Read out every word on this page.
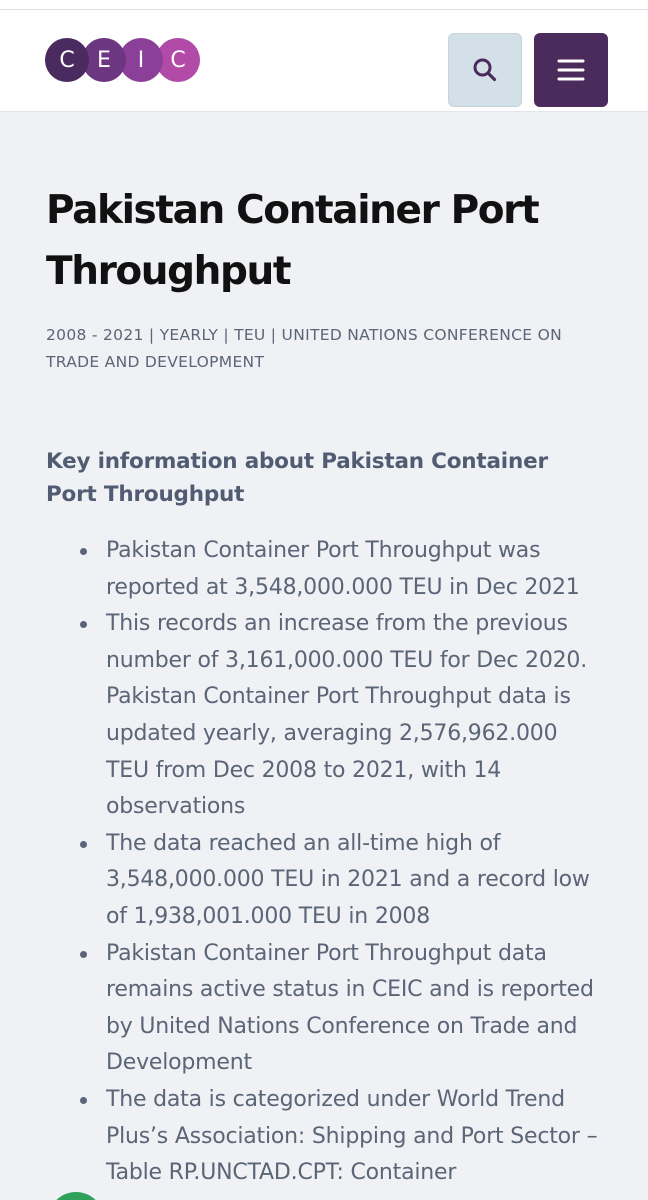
C	E	I	C
Pakistan Container Port Throughput
2008 - 2021 | YEARLY | TEU | UNITED NATIONS CONFERENCE ON TRADE AND DEVELOPMENT
Key information about Pakistan Container Port Throughput
Pakistan Container Port Throughput was reported at 3,548,000.000 TEU in Dec 2021
This records an increase from the previous number of 3,161,000.000 TEU for Dec 2020. Pakistan Container Port Throughput data is updated yearly, averaging 2,576,962.000 TEU from Dec 2008 to 2021, with 14 observations
The data reached an all-time high of 3,548,000.000 TEU in 2021 and a record low of 1,938,001.000 TEU in 2008
Pakistan Container Port Throughput data remains active status in CEIC and is reported by United Nations Conference on Trade and Development
The data is categorized under World Trend Plus’s Association: Shipping and Port Sector – Table RP.UNCTAD.CPT: Container
